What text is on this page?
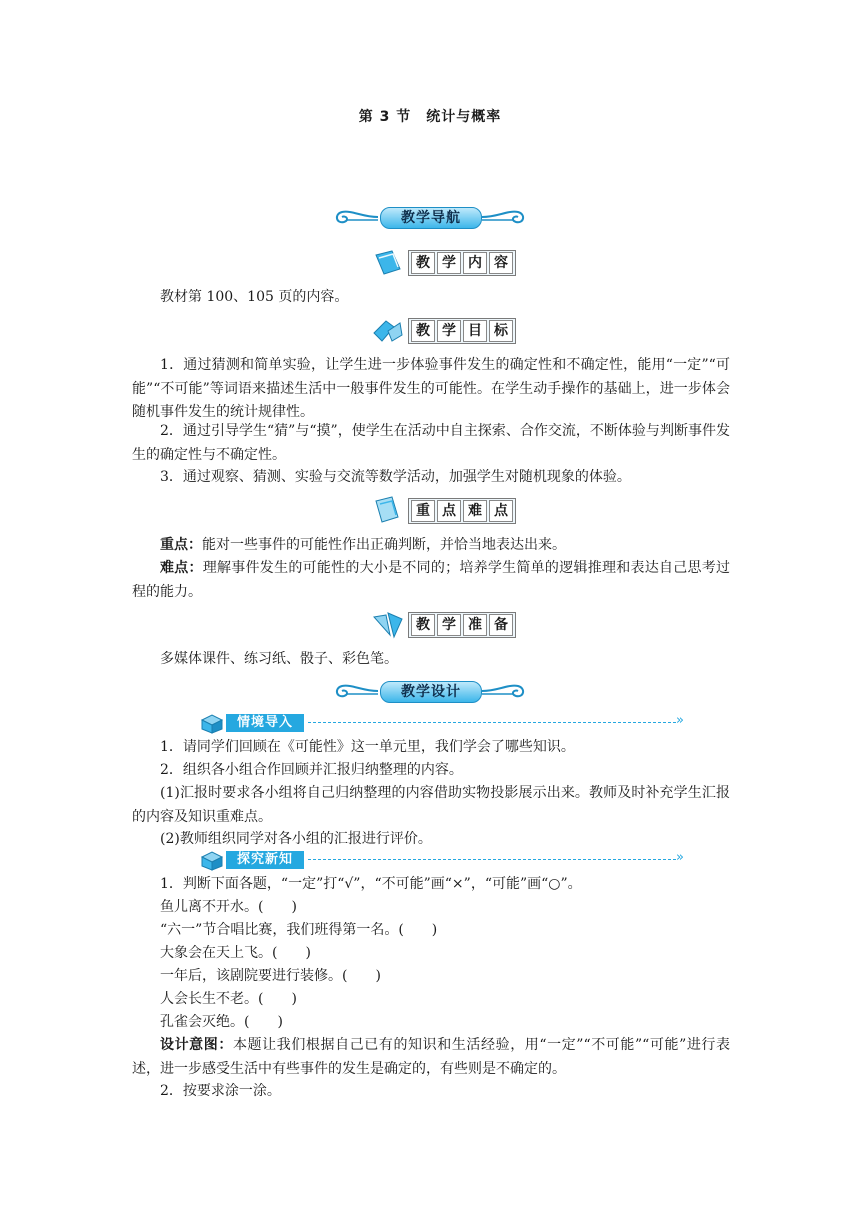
第 3 节　统计与概率
教学导航
教 学 内 容
教材第 100、105 页的内容。
教 学 目 标
1．通过猜测和简单实验，让学生进一步体验事件发生的确定性和不确定性，能用“一定”“可能”“不可能”等词语来描述生活中一般事件发生的可能性。在学生动手操作的基础上，进一步体会随机事件发生的统计规律性。
2．通过引导学生“猜”与“摸”，使学生在活动中自主探索、合作交流，不断体验与判断事件发生的确定性与不确定性。
3．通过观察、猜测、实验与交流等数学活动，加强学生对随机现象的体验。
重 点 难 点
重点：能对一些事件的可能性作出正确判断，并恰当地表达出来。
难点：理解事件发生的可能性的大小是不同的；培养学生简单的逻辑推理和表达自己思考过程的能力。
教 学 准 备
多媒体课件、练习纸、骰子、彩色笔。
教学设计
情境导入	»
1．请同学们回顾在《可能性》这一单元里，我们学会了哪些知识。
2．组织各小组合作回顾并汇报归纳整理的内容。
(1)汇报时要求各小组将自己归纳整理的内容借助实物投影展示出来。教师及时补充学生汇报的内容及知识重难点。
(2)教师组织同学对各小组的汇报进行评价。
探究新知	»
1．判断下面各题，“一定”打“√”，“不可能”画“×”，“可能”画“○”。
鱼儿离不开水。(　　)
“六一”节合唱比赛，我们班得第一名。(　　)
大象会在天上飞。(　　)
一年后，该剧院要进行装修。(　　)
人会长生不老。(　　)
孔雀会灭绝。(　　)
设计意图：本题让我们根据自己已有的知识和生活经验，用“一定”“不可能”“可能”进行表述，进一步感受生活中有些事件的发生是确定的，有些则是不确定的。
2．按要求涂一涂。
